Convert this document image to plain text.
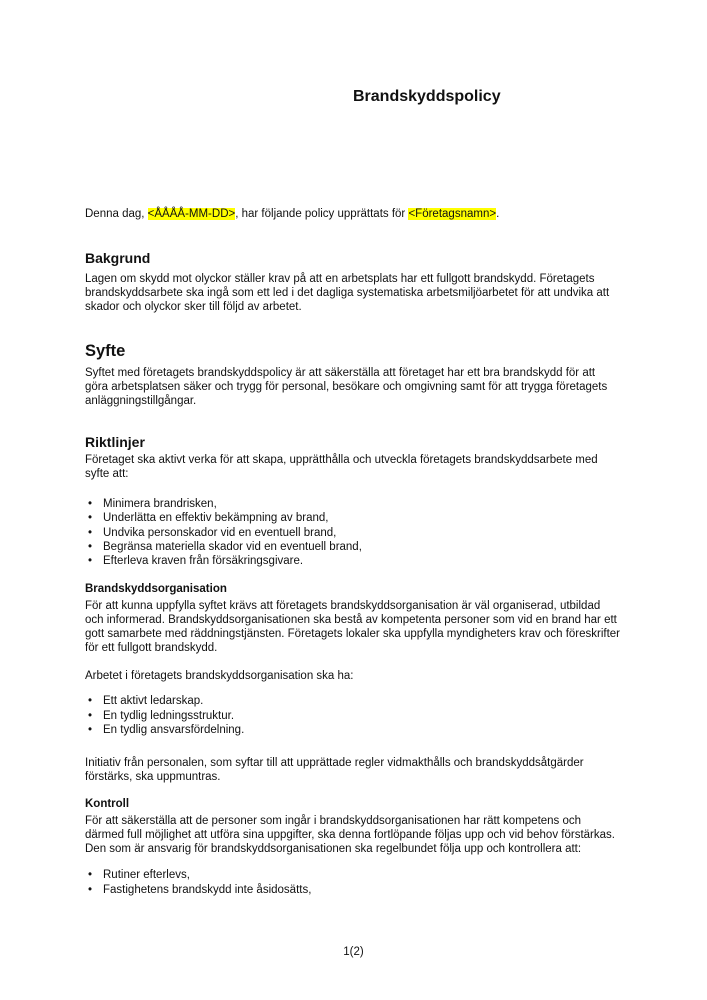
Brandskyddspolicy

Denna dag, <ÅÅÅÅ-MM-DD>, har följande policy upprättats för <Företagsnamn>.

Bakgrund

Lagen om skydd mot olyckor ställer krav på att en arbetsplats har ett fullgott brandskydd. Företagets brandskyddsarbete ska ingå som ett led i det dagliga systematiska arbetsmiljöarbetet för att undvika att skador och olyckor sker till följd av arbetet.

Syfte

Syftet med företagets brandskyddspolicy är att säkerställa att företaget har ett bra brandskydd för att göra arbetsplatsen säker och trygg för personal, besökare och omgivning samt för att trygga företagets anläggningstillgångar.

Riktlinjer

Företaget ska aktivt verka för att skapa, upprätthålla och utveckla företagets brandskyddsarbete med syfte att:

• Minimera brandrisken,
• Underlätta en effektiv bekämpning av brand,
• Undvika personskador vid en eventuell brand,
• Begränsa materiella skador vid en eventuell brand,
• Efterleva kraven från försäkringsgivare.
Brandskyddsorganisation

För att kunna uppfylla syftet krävs att företagets brandskyddsorganisation är väl organiserad, utbildad och informerad. Brandskyddsorganisationen ska bestå av kompetenta personer som vid en brand har ett gott samarbete med räddningstjänsten. Företagets lokaler ska uppfylla myndigheters krav och föreskrifter för ett fullgott brandskydd.

Arbetet i företagets brandskyddsorganisation ska ha:

• Ett aktivt ledarskap.
• En tydlig ledningsstruktur.
• En tydlig ansvarsfördelning.

Initiativ från personalen, som syftar till att upprättade regler vidmakthålls och brandskyddsåtgärder förstärks, ska uppmuntras.

Kontroll

För att säkerställa att de personer som ingår i brandskyddsorganisationen har rätt kompetens och därmed full möjlighet att utföra sina uppgifter, ska denna fortlöpande följas upp och vid behov förstärkas. Den som är ansvarig för brandskyddsorganisationen ska regelbundet följa upp och kontrollera att:

• Rutiner efterlevs,
• Fastighetens brandskydd inte åsidosätts,
1(2)
